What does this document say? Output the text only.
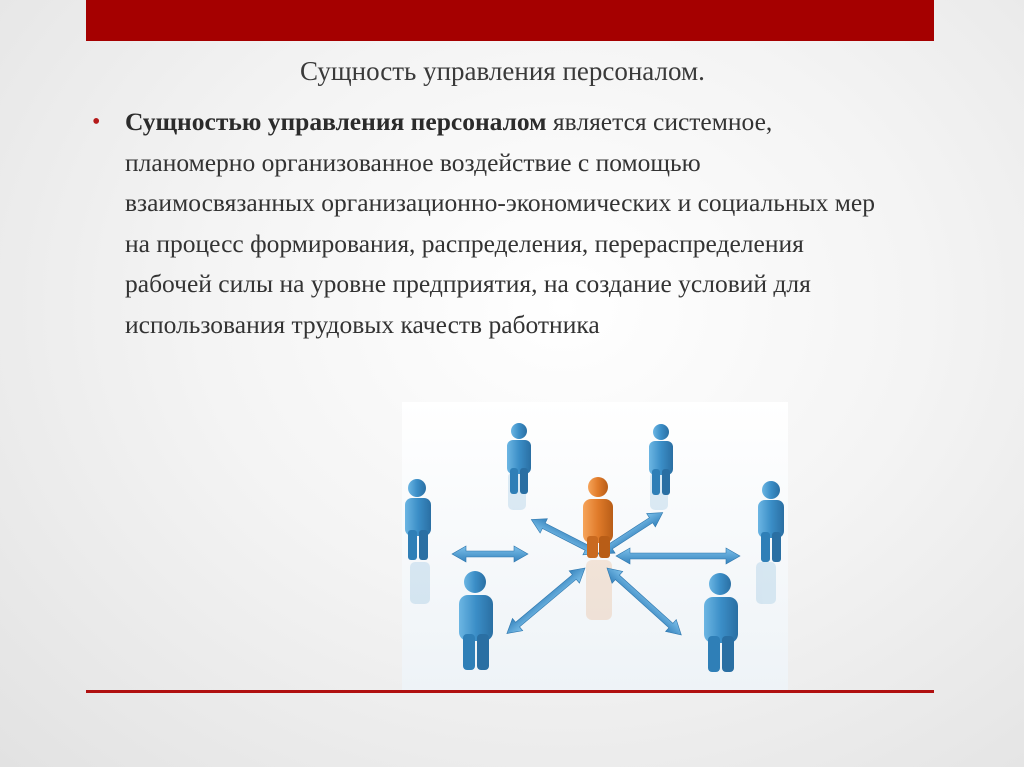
Сущность управления персоналом.
• Сущностью управления персоналом является системное, планомерно организованное воздействие с помощью взаимосвязанных организационно-экономических и социальных мер на процесс формирования, распределения, перераспределения рабочей силы на уровне предприятия, на создание условий для использования трудовых качеств работника
